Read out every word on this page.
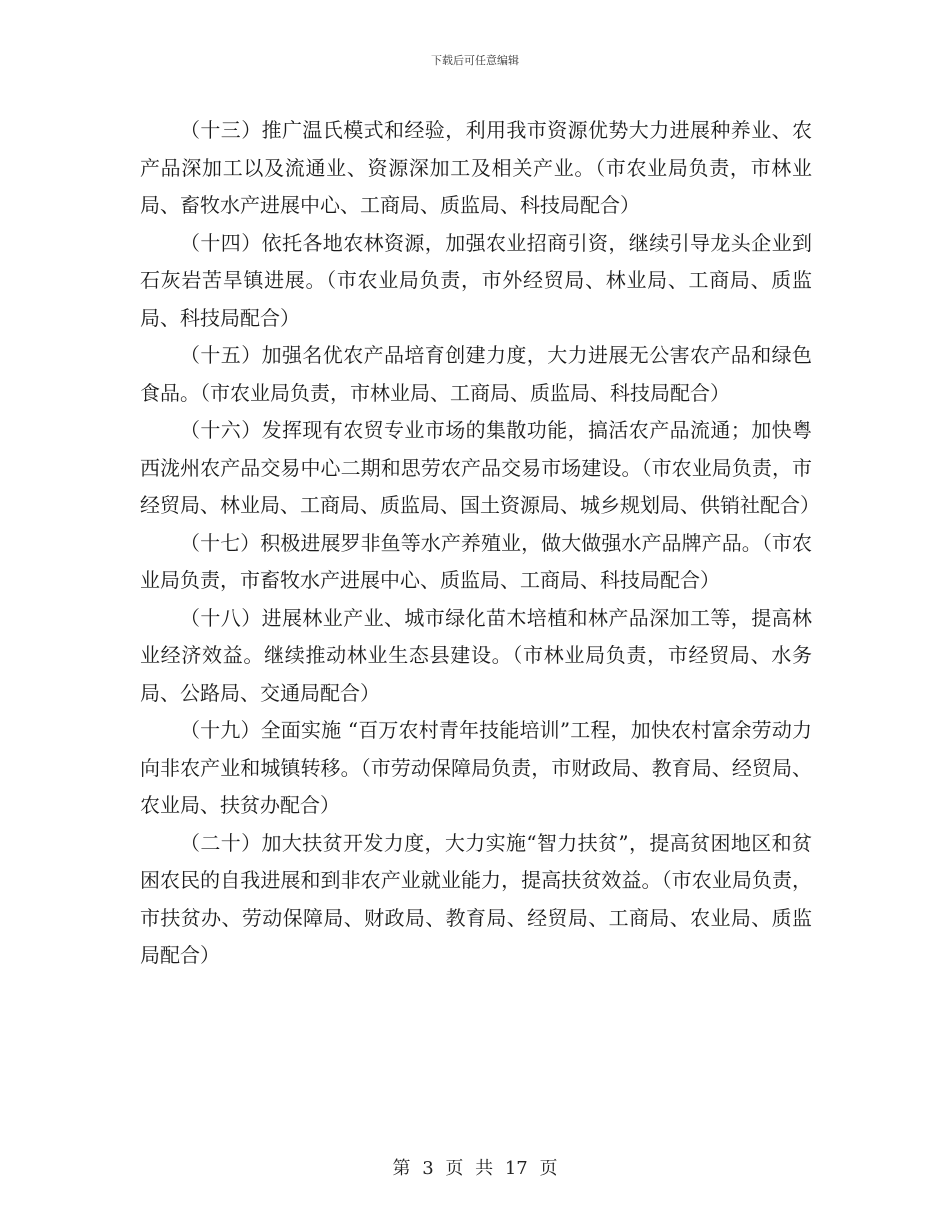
下载后可任意编辑

（十三）推广温氏模式和经验，利用我市资源优势大力进展种养业、农产品深加工以及流通业、资源深加工及相关产业。（市农业局负责，市林业局、畜牧水产进展中心、工商局、质监局、科技局配合）

（十四）依托各地农林资源，加强农业招商引资，继续引导龙头企业到石灰岩苦旱镇进展。（市农业局负责，市外经贸局、林业局、工商局、质监局、科技局配合）

（十五）加强名优农产品培育创建力度，大力进展无公害农产品和绿色食品。（市农业局负责，市林业局、工商局、质监局、科技局配合）

（十六）发挥现有农贸专业市场的集散功能，搞活农产品流通；加快粤西泷州农产品交易中心二期和思劳农产品交易市场建设。（市农业局负责，市经贸局、林业局、工商局、质监局、国土资源局、城乡规划局、供销社配合）

（十七）积极进展罗非鱼等水产养殖业，做大做强水产品牌产品。（市农业局负责，市畜牧水产进展中心、质监局、工商局、科技局配合）

（十八）进展林业产业、城市绿化苗木培植和林产品深加工等，提高林业经济效益。继续推动林业生态县建设。（市林业局负责，市经贸局、水务局、公路局、交通局配合）

（十九）全面实施 “百万农村青年技能培训”工程，加快农村富余劳动力向非农产业和城镇转移。（市劳动保障局负责，市财政局、教育局、经贸局、农业局、扶贫办配合）

（二十）加大扶贫开发力度，大力实施“智力扶贫”，提高贫困地区和贫困农民的自我进展和到非农产业就业能力，提高扶贫效益。（市农业局负责，市扶贫办、劳动保障局、财政局、教育局、经贸局、工商局、农业局、质监局配合）

第 3 页 共 17 页
